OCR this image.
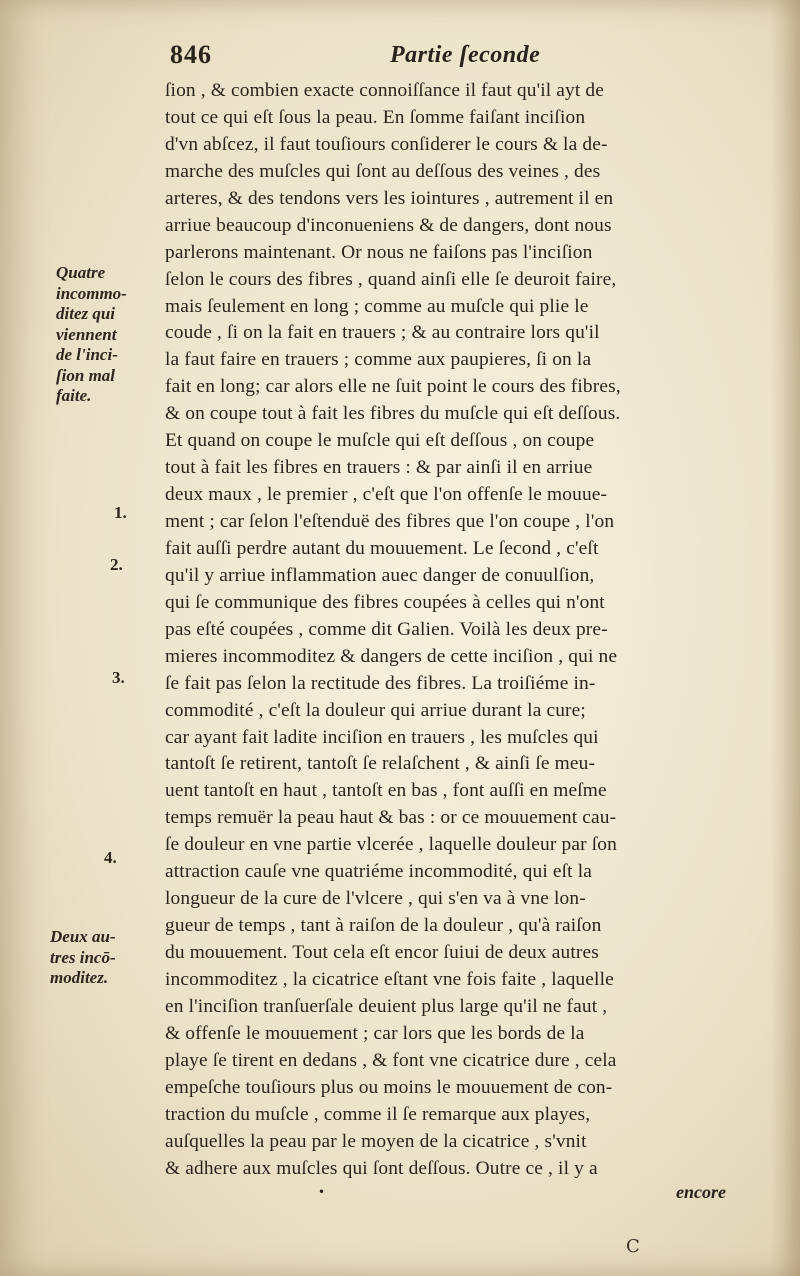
846	Partie ſeconde
ſion , & combien exacte connoiſſance il faut qu'il ayt de
tout ce qui eſt ſous la peau. En ſomme faiſant inciſion
d'vn abſcez, il faut touſiours conſiderer le cours & la de-
marche des muſcles qui ſont au deſſous des veines , des
arteres, & des tendons vers les iointures , autrement il en
arriue beaucoup d'inconueniens & de dangers, dont nous
parlerons maintenant. Or nous ne faiſons pas l'inciſion
ſelon le cours des fibres , quand ainſi elle ſe deuroit faire,
mais ſeulement en long ; comme au muſcle qui plie le
coude , ſi on la fait en trauers ; & au contraire lors qu'il
la faut faire en trauers ; comme aux paupieres, ſi on la
fait en long; car alors elle ne ſuit point le cours des fibres,
& on coupe tout à fait les fibres du muſcle qui eſt deſſous.
Et quand on coupe le muſcle qui eſt deſſous , on coupe
tout à fait les fibres en trauers : & par ainſi il en arriue
deux maux , le premier , c'eſt que l'on offenſe le mouue-
ment ; car ſelon l'eſtenduë des fibres que l'on coupe , l'on
fait auſſi perdre autant du mouuement. Le ſecond , c'eſt
qu'il y arriue inflammation auec danger de conuulſion,
qui ſe communique des fibres coupées à celles qui n'ont
pas eſté coupées , comme dit Galien. Voilà les deux pre-
mieres incommoditez & dangers de cette inciſion , qui ne
ſe fait pas ſelon la rectitude des fibres. La troiſiéme in-
commodité , c'eſt la douleur qui arriue durant la cure;
car ayant fait ladite inciſion en trauers , les muſcles qui
tantoſt ſe retirent, tantoſt ſe relaſchent , & ainſi ſe meu-
uent tantoſt en haut , tantoſt en bas , font auſſi en meſme
temps remuër la peau haut & bas : or ce mouuement cau-
ſe douleur en vne partie vlcerée , laquelle douleur par ſon
attraction cauſe vne quatriéme incommodité, qui eſt la
longueur de la cure de l'vlcere , qui s'en va à vne lon-
gueur de temps , tant à raiſon de la douleur , qu'à raiſon
du mouuement. Tout cela eſt encor ſuiui de deux autres
incommoditez , la cicatrice eſtant vne fois faite , laquelle
en l'inciſion tranſuerſale deuient plus large qu'il ne faut ,
& offenſe le mouuement ; car lors que les bords de la
playe ſe tirent en dedans , & font vne cicatrice dure , cela
empeſche touſiours plus ou moins le mouuement de con-
traction du muſcle , comme il ſe remarque aux playes,
auſquelles la peau par le moyen de la cicatrice , s'vnit
& adhere aux muſcles qui ſont deſſous. Outre ce , il y a
Quatre
incommo-
ditez qui
viennent
de l'inci-
ſion mal
faite.
Deux au-
tres incō-
moditez.
1.
2.
3.
4.
•	encore
C
